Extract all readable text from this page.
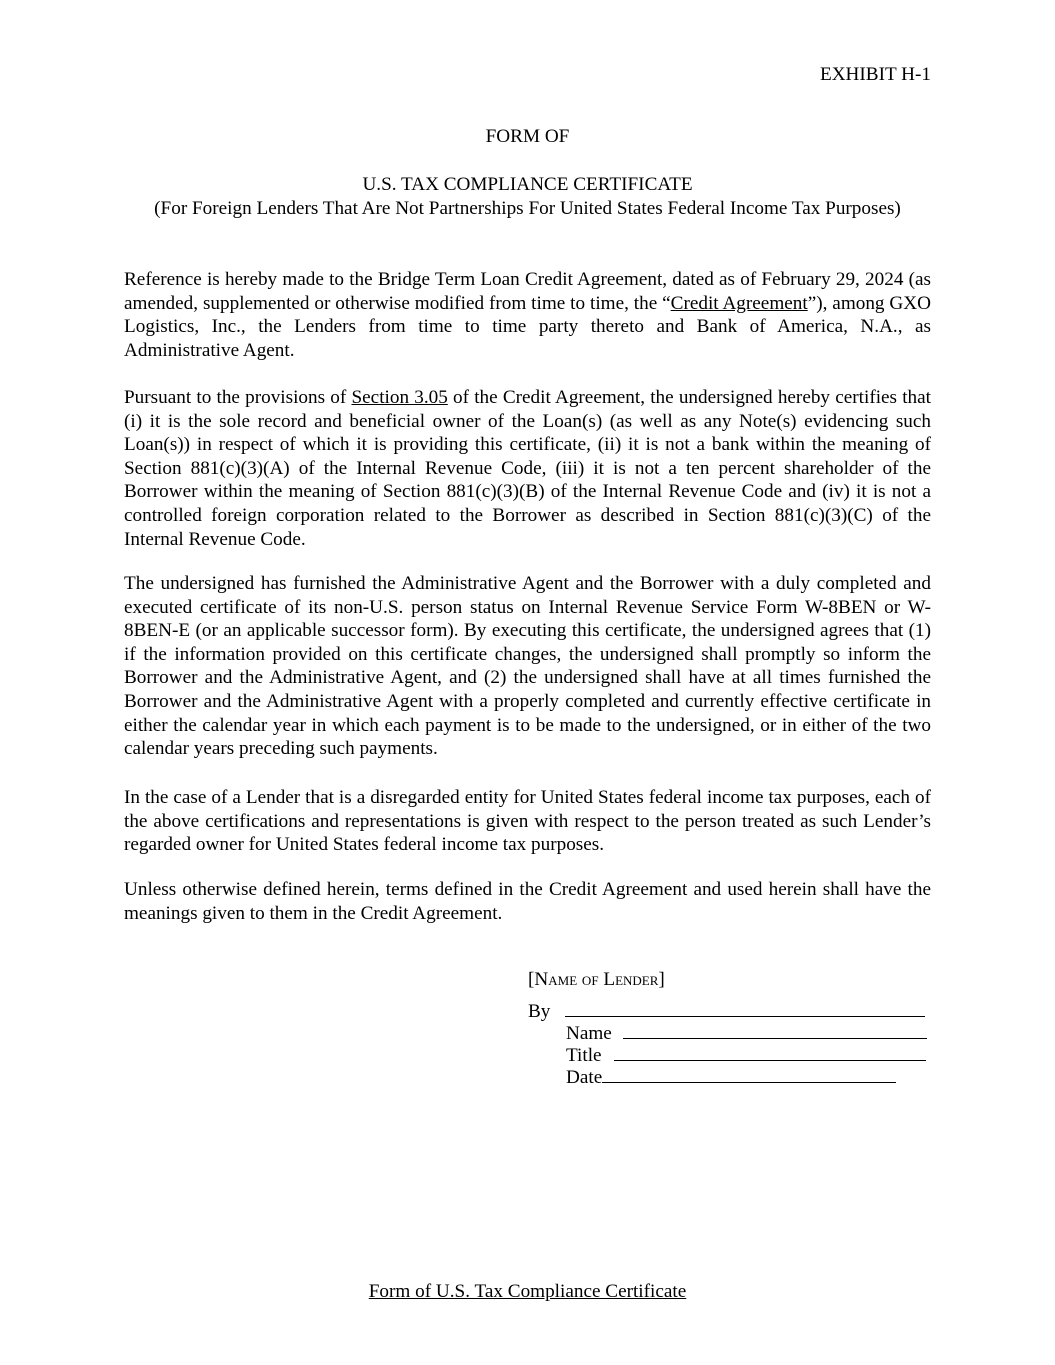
EXHIBIT H-1
FORM OF
U.S. TAX COMPLIANCE CERTIFICATE
(For Foreign Lenders That Are Not Partnerships For United States Federal Income Tax Purposes)

Reference is hereby made to the Bridge Term Loan Credit Agreement, dated as of February 29, 2024 (as amended, supplemented or otherwise modified from time to time, the “Credit Agreement”), among GXO Logistics, Inc., the Lenders from time to time party thereto and Bank of America, N.A., as Administrative Agent.

Pursuant to the provisions of Section 3.05 of the Credit Agreement, the undersigned hereby certifies that (i) it is the sole record and beneficial owner of the Loan(s) (as well as any Note(s) evidencing such Loan(s)) in respect of which it is providing this certificate, (ii) it is not a bank within the meaning of Section 881(c)(3)(A) of the Internal Revenue Code, (iii) it is not a ten percent shareholder of the Borrower within the meaning of Section 881(c)(3)(B) of the Internal Revenue Code and (iv) it is not a controlled foreign corporation related to the Borrower as described in Section 881(c)(3)(C) of the Internal Revenue Code.

The undersigned has furnished the Administrative Agent and the Borrower with a duly completed and executed certificate of its non-U.S. person status on Internal Revenue Service Form W-8BEN or W-8BEN-E (or an applicable successor form). By executing this certificate, the undersigned agrees that (1) if the information provided on this certificate changes, the undersigned shall promptly so inform the Borrower and the Administrative Agent, and (2) the undersigned shall have at all times furnished the Borrower and the Administrative Agent with a properly completed and currently effective certificate in either the calendar year in which each payment is to be made to the undersigned, or in either of the two calendar years preceding such payments.

In the case of a Lender that is a disregarded entity for United States federal income tax purposes, each of the above certifications and representations is given with respect to the person treated as such Lender’s regarded owner for United States federal income tax purposes.

Unless otherwise defined herein, terms defined in the Credit Agreement and used herein shall have the meanings given to them in the Credit Agreement.

[Name of Lender]
By
Name
Title
Date
Form of U.S. Tax Compliance Certificate
